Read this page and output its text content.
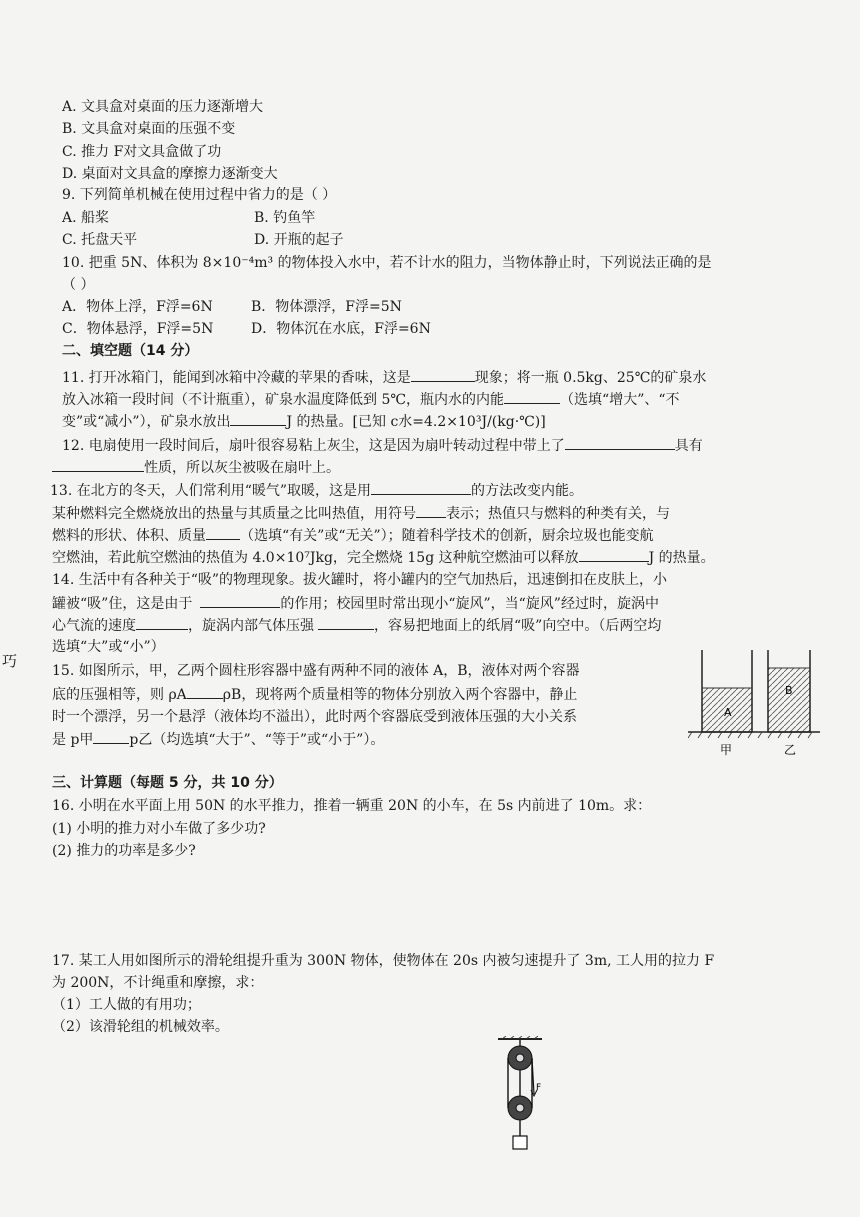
A. 文具盒对桌面的压力逐渐增大
B. 文具盒对桌面的压强不变
C. 推力 F对文具盒做了功
D. 桌面对文具盒的摩擦力逐渐变大
9. 下列简单机械在使用过程中省力的是（ ）
A. 船桨	B. 钓鱼竿
C. 托盘天平	D. 开瓶的起子
10. 把重 5N、体积为 8×10⁻⁴m³ 的物体投入水中，若不计水的阻力，当物体静止时，下列说法正确的是
（ ）
A．物体上浮，F浮=6N	B．物体漂浮，F浮=5N
C．物体悬浮，F浮=5N	D．物体沉在水底，F浮=6N
二、填空题（14 分）
11. 打开冰箱门，能闻到冰箱中冷藏的苹果的香味，这是	现象；将一瓶 0.5kg、25℃的矿泉水
放入冰箱一段时间（不计瓶重），矿泉水温度降低到 5℃，瓶内水的内能	（选填“增大”、“不
变”或“减小”），矿泉水放出	J 的热量。[已知 c水=4.2×10³J/(kg·℃)]
12. 电扇使用一段时间后，扇叶很容易粘上灰尘，这是因为扇叶转动过程中带上了	具有
性质，所以灰尘被吸在扇叶上。
13. 在北方的冬天，人们常利用“暖气”取暖，这是用	的方法改变内能。
某种燃料完全燃烧放出的热量与其质量之比叫热值，用符号 表示；热值只与燃料的种类有关，与
燃料的形状、体积、质量 （选填“有关”或“无关”）；随着科学技术的创新，厨余垃圾也能变航
空燃油，若此航空燃油的热值为 4.0×10⁷Jkg，完全燃烧 15g 这种航空燃油可以释放	J 的热量。
14. 生活中有各种关于“吸”的物理现象。拔火罐时，将小罐内的空气加热后，迅速倒扣在皮肤上，小
罐被“吸”住，这是由于	的作用；校园里时常出现小“旋风”，当“旋风”经过时，旋涡中
心气流的速度	，旋涡内部气体压强	，容易把地面上的纸屑“吸”向空中。（后两空均
选填“大”或“小”）
巧
15. 如图所示，甲，乙两个圆柱形容器中盛有两种不同的液体 A，B，液体对两个容器
底的压强相等，则 ρA	ρB，现将两个质量相等的物体分别放入两个容器中，静止
时一个漂浮，另一个悬浮（液体均不溢出），此时两个容器底受到液体压强的大小关系
是 p甲	p乙（均选填“大于”、“等于”或“小于”）。
A
B
甲	乙
三、计算题（每题 5 分，共 10 分）
16. 小明在水平面上用 50N 的水平推力，推着一辆重 20N 的小车，在 5s 内前进了 10m。求：
(1) 小明的推力对小车做了多少功?
(2) 推力的功率是多少?
17. 某工人用如图所示的滑轮组提升重为 300N 物体，使物体在 20s 内被匀速提升了 3m, 工人用的拉力 F
为 200N，不计绳重和摩擦，求：
（1）工人做的有用功；
（2）该滑轮组的机械效率。
F
